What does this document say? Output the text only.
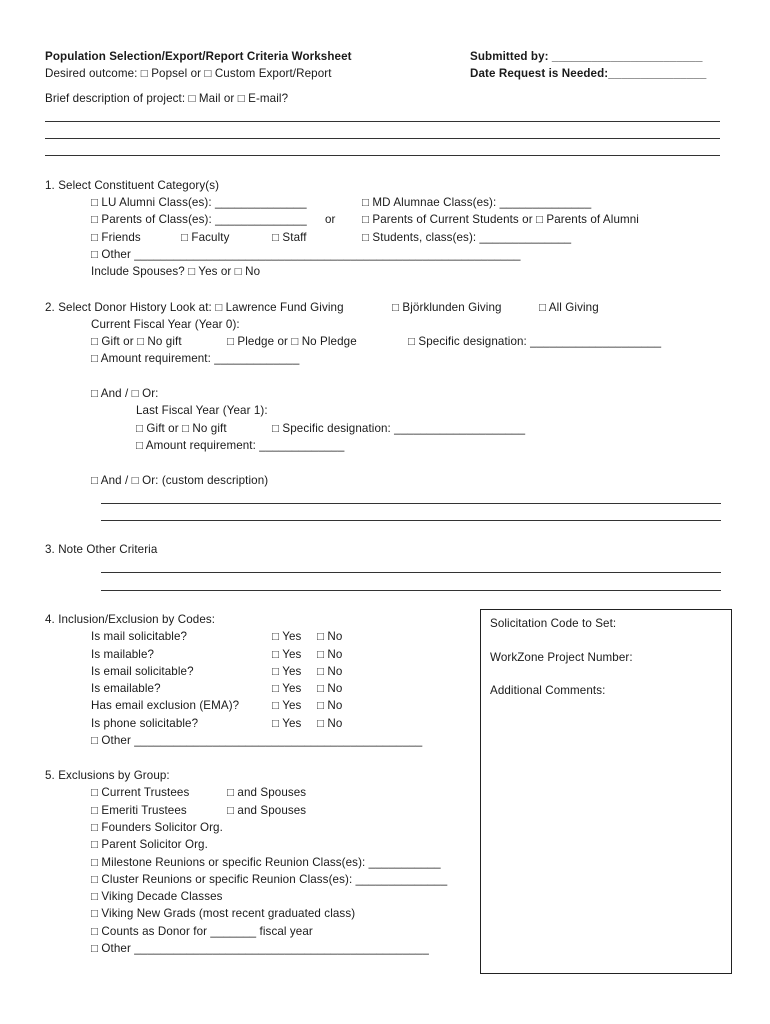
Population Selection/Export/Report Criteria Worksheet
Desired outcome: □ Popsel or □ Custom Export/Report
Submitted by: _______________________
Date Request is Needed:_______________
Brief description of project: □ Mail or □ E-mail?
1. Select Constituent Category(s)
□ LU Alumni Class(es): ______________	□ MD Alumnae Class(es): ______________
□ Parents of Class(es): ______________ or □ Parents of Current Students or □ Parents of Alumni
□ Friends	□ Faculty	□ Staff	□ Students, class(es): ______________
□ Other ___________________________________________________________
Include Spouses? □ Yes or □ No
2. Select Donor History Look at: □ Lawrence Fund Giving	□ Björklunden Giving	□ All Giving
Current Fiscal Year (Year 0):
□ Gift or □ No gift	□ Pledge or □ No Pledge	□ Specific designation: ____________________
□ Amount requirement: _____________
□ And / □ Or:
Last Fiscal Year (Year 1):
□ Gift or □ No gift	□ Specific designation: ____________________
□ Amount requirement: _____________
□ And / □ Or: (custom description)
3. Note Other Criteria
4. Inclusion/Exclusion by Codes:
Is mail solicitable?	□ Yes □ No
Is mailable?	□ Yes □ No
Is email solicitable?	□ Yes □ No
Is emailable?	□ Yes □ No
Has email exclusion (EMA)?	□ Yes □ No
Is phone solicitable?	□ Yes □ No
□ Other ____________________________________________
5. Exclusions by Group:
□ Current Trustees	□ and Spouses
□ Emeriti Trustees	□ and Spouses
□ Founders Solicitor Org.
□ Parent Solicitor Org.
□ Milestone Reunions or specific Reunion Class(es): ___________
□ Cluster Reunions or specific Reunion Class(es): ______________
□ Viking Decade Classes
□ Viking New Grads (most recent graduated class)
□ Counts as Donor for _______ fiscal year
□ Other _____________________________________________
Solicitation Code to Set:
WorkZone Project Number:
Additional Comments:
